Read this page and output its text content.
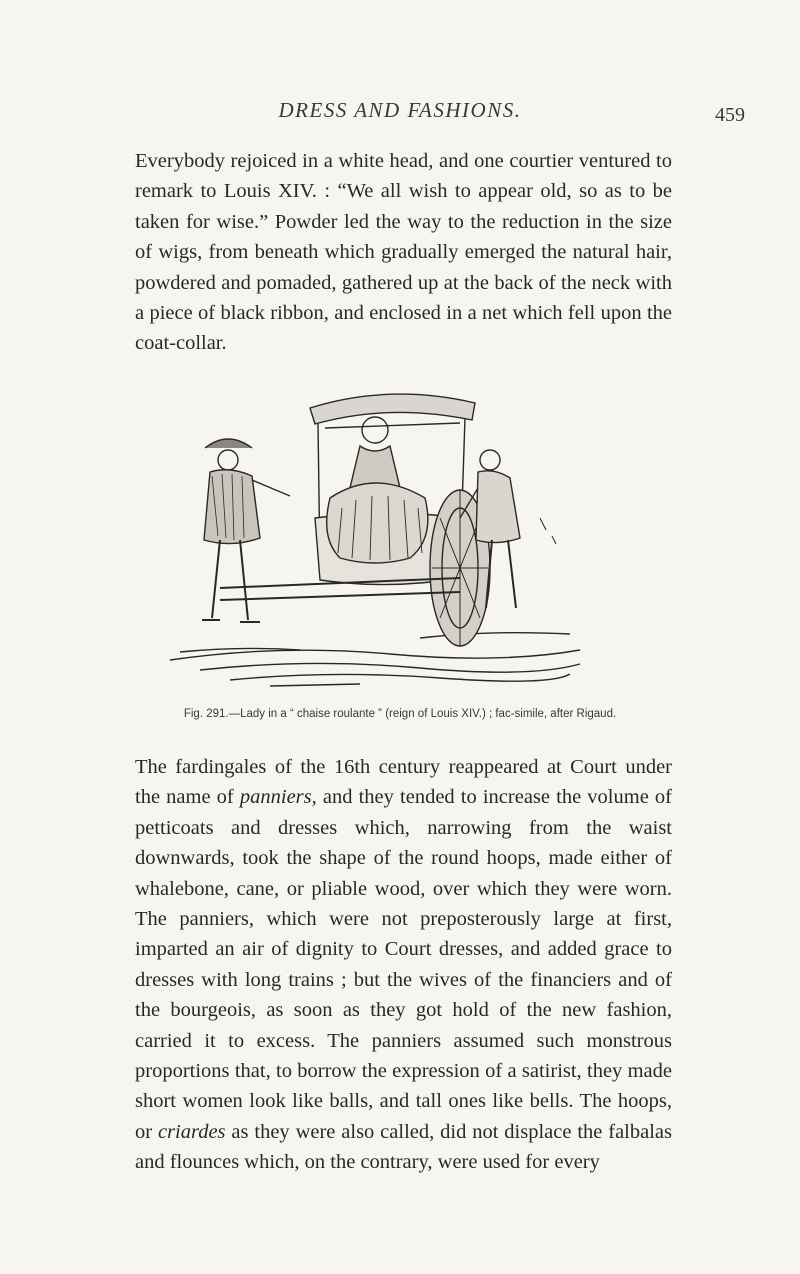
DRESS AND FASHIONS.	459

Everybody rejoiced in a white head, and one courtier ventured to remark to Louis XIV. : “We all wish to appear old, so as to be taken for wise.” Powder led the way to the reduction in the size of wigs, from beneath which gradually emerged the natural hair, powdered and pomaded, gathered up at the back of the neck with a piece of black ribbon, and enclosed in a net which fell upon the coat-collar.

Fig. 291.—Lady in a “ chaise roulante ” (reign of Louis XIV.) ; fac-simile, after Rigaud.

The fardingales of the 16th century reappeared at Court under the name of panniers, and they tended to increase the volume of petticoats and dresses which, narrowing from the waist downwards, took the shape of the round hoops, made either of whalebone, cane, or pliable wood, over which they were worn. The panniers, which were not preposterously large at first, imparted an air of dignity to Court dresses, and added grace to dresses with long trains ; but the wives of the financiers and of the bourgeois, as soon as they got hold of the new fashion, carried it to excess. The panniers assumed such monstrous proportions that, to borrow the expression of a satirist, they made short women look like balls, and tall ones like bells. The hoops, or criardes as they were also called, did not displace the falbalas and flounces which, on the contrary, were used for every
